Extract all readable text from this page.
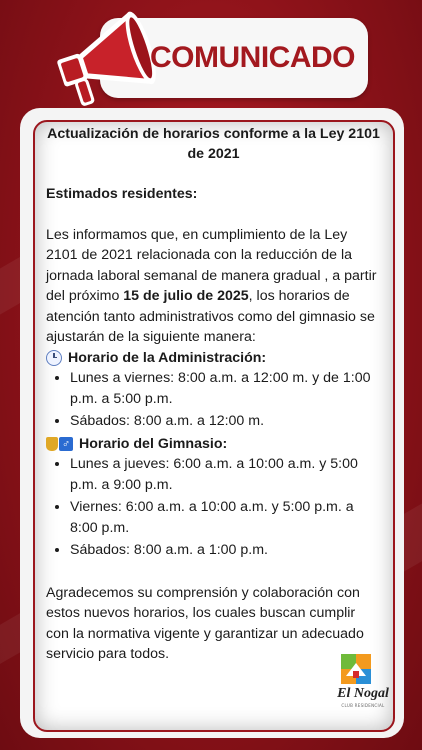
COMUNICADO

Actualización de horarios conforme a la Ley 2101 de 2021

Estimados residentes:

Les informamos que, en cumplimiento de la Ley 2101 de 2021 relacionada con la reducción de la jornada laboral semanal de manera gradual , a partir del próximo 15 de julio de 2025, los horarios de atención tanto administrativos como del gimnasio se ajustarán de la siguiente manera:

Horario de la Administración:

• Lunes a viernes: 8:00 a.m. a 12:00 m. y de 1:00 p.m. a 5:00 p.m.
• Sábados: 8:00 a.m. a 12:00 m.

♂ Horario del Gimnasio:

• Lunes a jueves: 6:00 a.m. a 10:00 a.m. y 5:00 p.m. a 9:00 p.m.
• Viernes: 6:00 a.m. a 10:00 a.m. y 5:00 p.m. a 8:00 p.m.
• Sábados: 8:00 a.m. a 1:00 p.m.

Agradecemos su comprensión y colaboración con estos nuevos horarios, los cuales buscan cumplir con la normativa vigente y garantizar un adecuado servicio para todos.

El Nogal
CLUB RESIDENCIAL
